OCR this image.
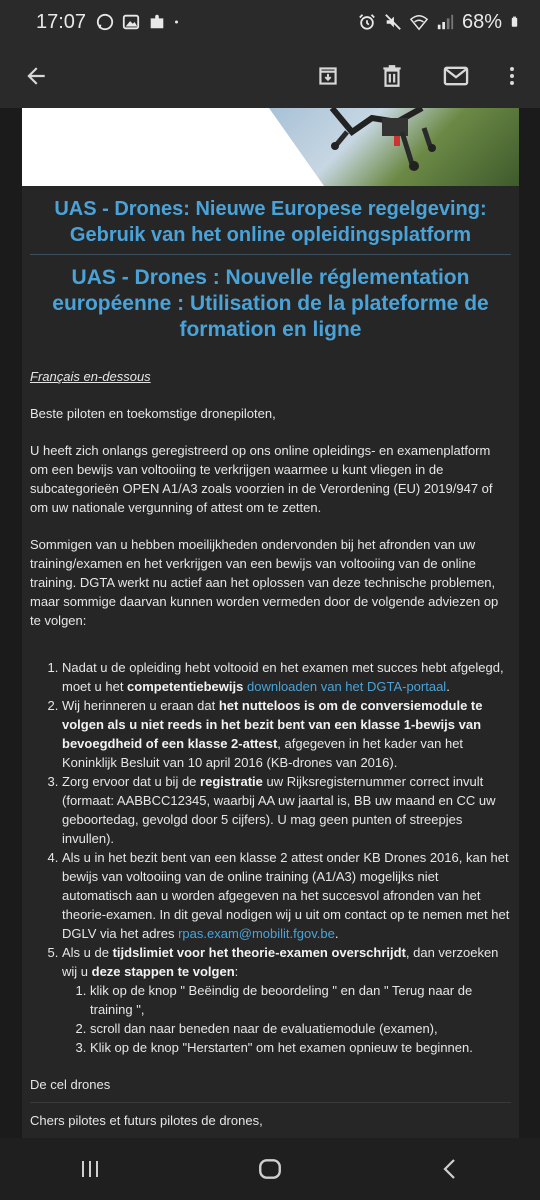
17:07	68%
UAS - Drones: Nieuwe Europese regelgeving: Gebruik van het online opleidingsplatform
UAS - Drones : Nouvelle réglementation européenne : Utilisation de la plateforme de formation en ligne

Français en-dessous

Beste piloten en toekomstige dronepiloten,

U heeft zich onlangs geregistreerd op ons online opleidings- en examenplatform om een bewijs van voltooiing te verkrijgen waarmee u kunt vliegen in de subcategorieën OPEN A1/A3 zoals voorzien in de Verordening (EU) 2019/947 of om uw nationale vergunning of attest om te zetten.

Sommigen van u hebben moeilijkheden ondervonden bij het afronden van uw training/examen en het verkrijgen van een bewijs van voltooiing van de online training. DGTA werkt nu actief aan het oplossen van deze technische problemen, maar sommige daarvan kunnen worden vermeden door de volgende adviezen op te volgen:

1. Nadat u de opleiding hebt voltooid en het examen met succes hebt afgelegd, moet u het competentiebewijs downloaden van het DGTA-portaal.
2. Wij herinneren u eraan dat het nutteloos is om de conversiemodule te volgen als u niet reeds in het bezit bent van een klasse 1-bewijs van bevoegdheid of een klasse 2-attest, afgegeven in het kader van het Koninklijk Besluit van 10 april 2016 (KB-drones van 2016).
3. Zorg ervoor dat u bij de registratie uw Rijksregisternummer correct invult (formaat: AABBCC12345, waarbij AA uw jaartal is, BB uw maand en CC uw geboortedag, gevolgd door 5 cijfers). U mag geen punten of streepjes invullen).
4. Als u in het bezit bent van een klasse 2 attest onder KB Drones 2016, kan het bewijs van voltooiing van de online training (A1/A3) mogelijks niet automatisch aan u worden afgegeven na het succesvol afronden van het theorie-examen. In dit geval nodigen wij u uit om contact op te nemen met het DGLV via het adres rpas.exam@mobilit.fgov.be.
5. Als u de tijdslimiet voor het theorie-examen overschrijdt, dan verzoeken wij u deze stappen te volgen:
1. klik op de knop " Beëindig de beoordeling " en dan " Terug naar de training ",
2. scroll dan naar beneden naar de evaluatiemodule (examen),
3. Klik op de knop "Herstarten" om het examen opnieuw te beginnen.

De cel drones

Chers pilotes et futurs pilotes de drones,
